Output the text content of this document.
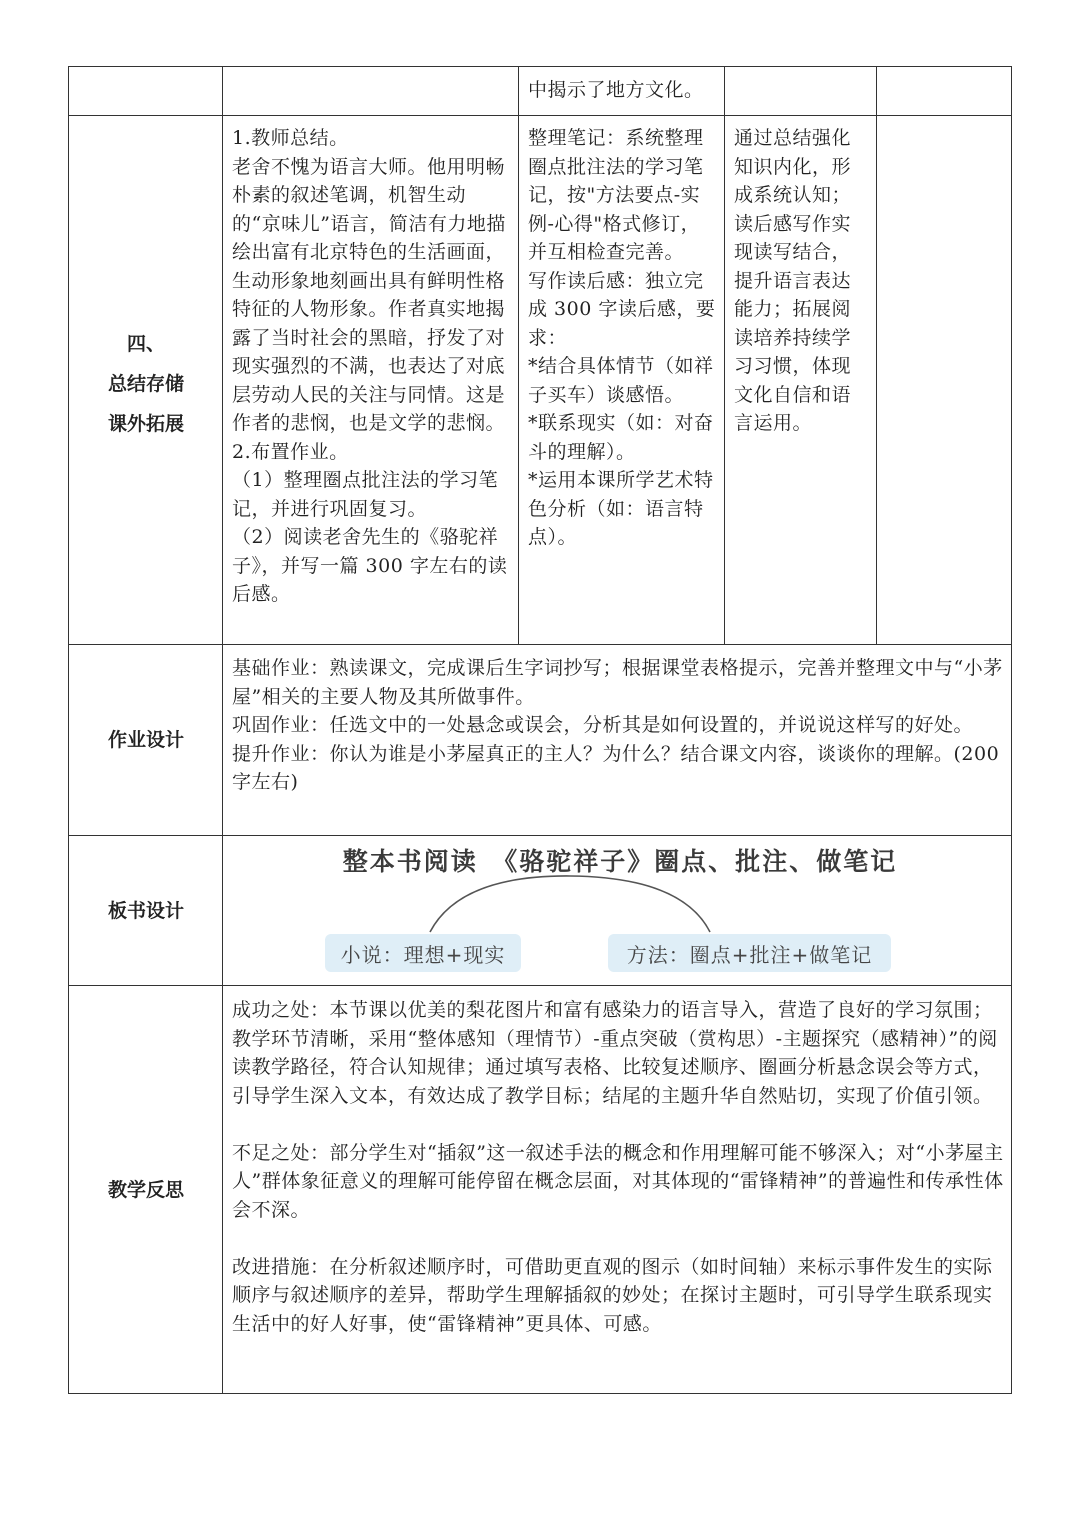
中揭示了地方文化。
四、
总结存储
课外拓展
1.教师总结。
老舍不愧为语言大师。他用明畅朴素的叙述笔调，机智生动的“京味儿”语言，简洁有力地描绘出富有北京特色的生活画面，生动形象地刻画出具有鲜明性格特征的人物形象。作者真实地揭露了当时社会的黑暗，抒发了对现实强烈的不满，也表达了对底层劳动人民的关注与同情。这是作者的悲悯，也是文学的悲悯。
2.布置作业。
（1）整理圈点批注法的学习笔记，并进行巩固复习。
（2）阅读老舍先生的《骆驼祥子》，并写一篇 300 字左右的读后感。
整理笔记：系统整理圈点批注法的学习笔记，按"方法要点-实例-心得"格式修订，并互相检查完善。
写作读后感：独立完成 300 字读后感，要求：
*结合具体情节（如祥子买车）谈感悟。
*联系现实（如：对奋斗的理解）。
*运用本课所学艺术特色分析（如：语言特点）。
通过总结强化知识内化，形成系统认知；读后感写作实现读写结合，提升语言表达能力；拓展阅读培养持续学习习惯，体现文化自信和语言运用。
作业设计
基础作业：熟读课文，完成课后生字词抄写；根据课堂表格提示，完善并整理文中与“小茅屋”相关的主要人物及其所做事件。
巩固作业：任选文中的一处悬念或误会，分析其是如何设置的，并说说这样写的好处。
提升作业：你认为谁是小茅屋真正的主人？为什么？结合课文内容，谈谈你的理解。(200 字左右)
板书设计
整本书阅读　《骆驼祥子》圈点、批注、做笔记
小说：理想+现实	方法：圈点+批注+做笔记
教学反思
成功之处：本节课以优美的梨花图片和富有感染力的语言导入，营造了良好的学习氛围；教学环节清晰，采用“整体感知（理情节）-重点突破（赏构思）-主题探究（感精神）”的阅读教学路径，符合认知规律；通过填写表格、比较复述顺序、圈画分析悬念误会等方式，引导学生深入文本，有效达成了教学目标；结尾的主题升华自然贴切，实现了价值引领。

不足之处：部分学生对“插叙”这一叙述手法的概念和作用理解可能不够深入；对“小茅屋主人”群体象征意义的理解可能停留在概念层面，对其体现的“雷锋精神”的普遍性和传承性体会不深。

改进措施：在分析叙述顺序时，可借助更直观的图示（如时间轴）来标示事件发生的实际顺序与叙述顺序的差异，帮助学生理解插叙的妙处；在探讨主题时，可引导学生联系现实生活中的好人好事，使“雷锋精神”更具体、可感。
